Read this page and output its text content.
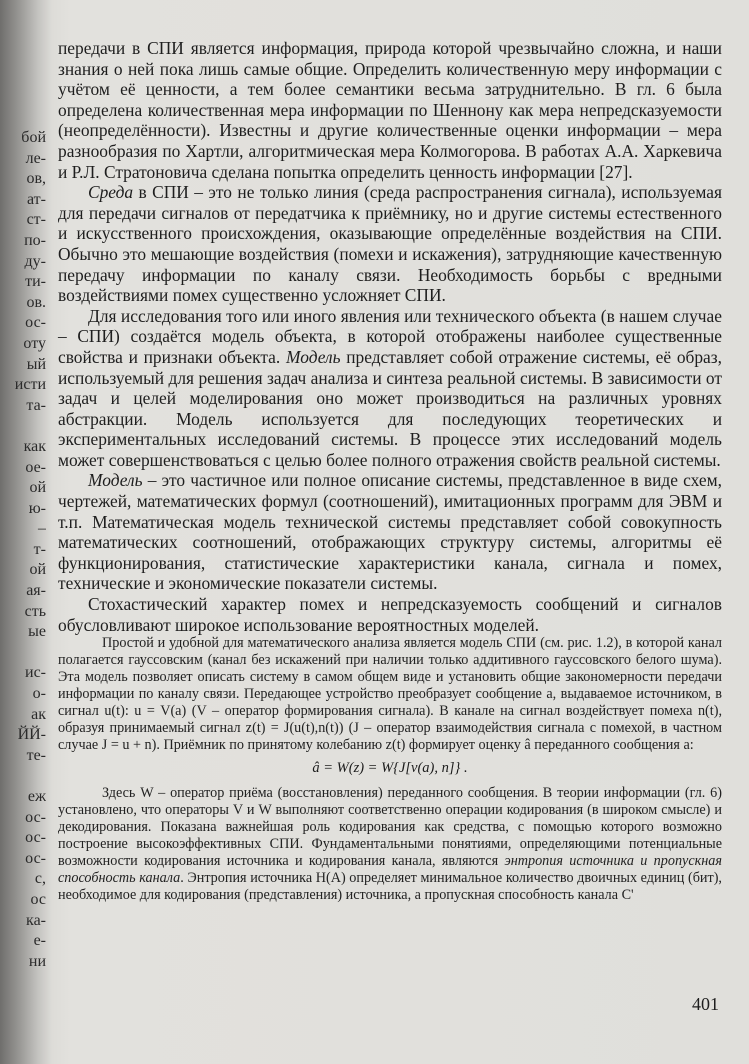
бой
ле-
ов,
ат-
ст-
по-
ду-
ти-
ов.
ос-
оту
ый
исти
та-

как
ое-
ой
ю-
–
т-
ой
ая-
сть
ые

ис-
о-
ак
ЙЙ-
те-

еж
ос-
ос-
ос-
с,
ос
ка-
е-
ни

передачи в СПИ является информация, природа которой чрезвычайно сложна, и наши знания о ней пока лишь самые общие. Определить количественную меру информации с учётом её ценности, а тем более семантики весьма затруднительно. В гл. 6 была определена количественная мера информации по Шеннону как мера непредсказуемости (неопределённости). Известны и другие количественные оценки информации – мера разнообразия по Хартли, алгоритмическая мера Колмогорова. В работах А.А. Харкевича и Р.Л. Стратоновича сделана попытка определить ценность информации [27].

Среда в СПИ – это не только линия (среда распространения сигнала), используемая для передачи сигналов от передатчика к приёмнику, но и другие системы естественного и искусственного происхождения, оказывающие определённые воздействия на СПИ. Обычно это мешающие воздействия (помехи и искажения), затрудняющие качественную передачу информации по каналу связи. Необходимость борьбы с вредными воздействиями помех существенно усложняет СПИ.

Для исследования того или иного явления или технического объекта (в нашем случае – СПИ) создаётся модель объекта, в которой отображены наиболее существенные свойства и признаки объекта. Модель представляет собой отражение системы, её образ, используемый для решения задач анализа и синтеза реальной системы. В зависимости от задач и целей моделирования оно может производиться на различных уровнях абстракции. Модель используется для последующих теоретических и экспериментальных исследований системы. В процессе этих исследований модель может совершенствоваться с целью более полного отражения свойств реальной системы.

Модель – это частичное или полное описание системы, представленное в виде схем, чертежей, математических формул (соотношений), имитационных программ для ЭВМ и т.п. Математическая модель технической системы представляет собой совокупность математических соотношений, отображающих структуру системы, алгоритмы её функционирования, статистические характеристики канала, сигнала и помех, технические и экономические показатели системы.

Стохастический характер помех и непредсказуемость сообщений и сигналов обусловливают широкое использование вероятностных моделей.

Простой и удобной для математического анализа является модель СПИ (см. рис. 1.2), в которой канал полагается гауссовским (канал без искажений при наличии только аддитивного гауссовского белого шума). Эта модель позволяет описать систему в самом общем виде и установить общие закономерности передачи информации по каналу связи. Передающее устройство преобразует сообщение a, выдаваемое источником, в сигнал u(t): u = V(a) (V – оператор формирования сигнала). В канале на сигнал воздействует помеха n(t), образуя принимаемый сигнал z(t) = J(u(t),n(t)) (J – оператор взаимодействия сигнала с помехой, в частном случае J = u + n). Приёмник по принятому колебанию z(t) формирует оценку â переданного сообщения a:

â = W(z) = W{J[v(a), n]} .

Здесь W – оператор приёма (восстановления) переданного сообщения. В теории информации (гл. 6) установлено, что операторы V и W выполняют соответственно операции кодирования (в широком смысле) и декодирования. Показана важнейшая роль кодирования как средства, с помощью которого возможно построение высокоэффективных СПИ. Фундаментальными понятиями, определяющими потенциальные возможности кодирования источника и кодирования канала, являются энтропия источника и пропускная способность канала. Энтропия источника H(A) определяет минимальное количество двоичных единиц (бит), необходимое для кодирования (представления) источника, а пропускная способность канала C'

401
